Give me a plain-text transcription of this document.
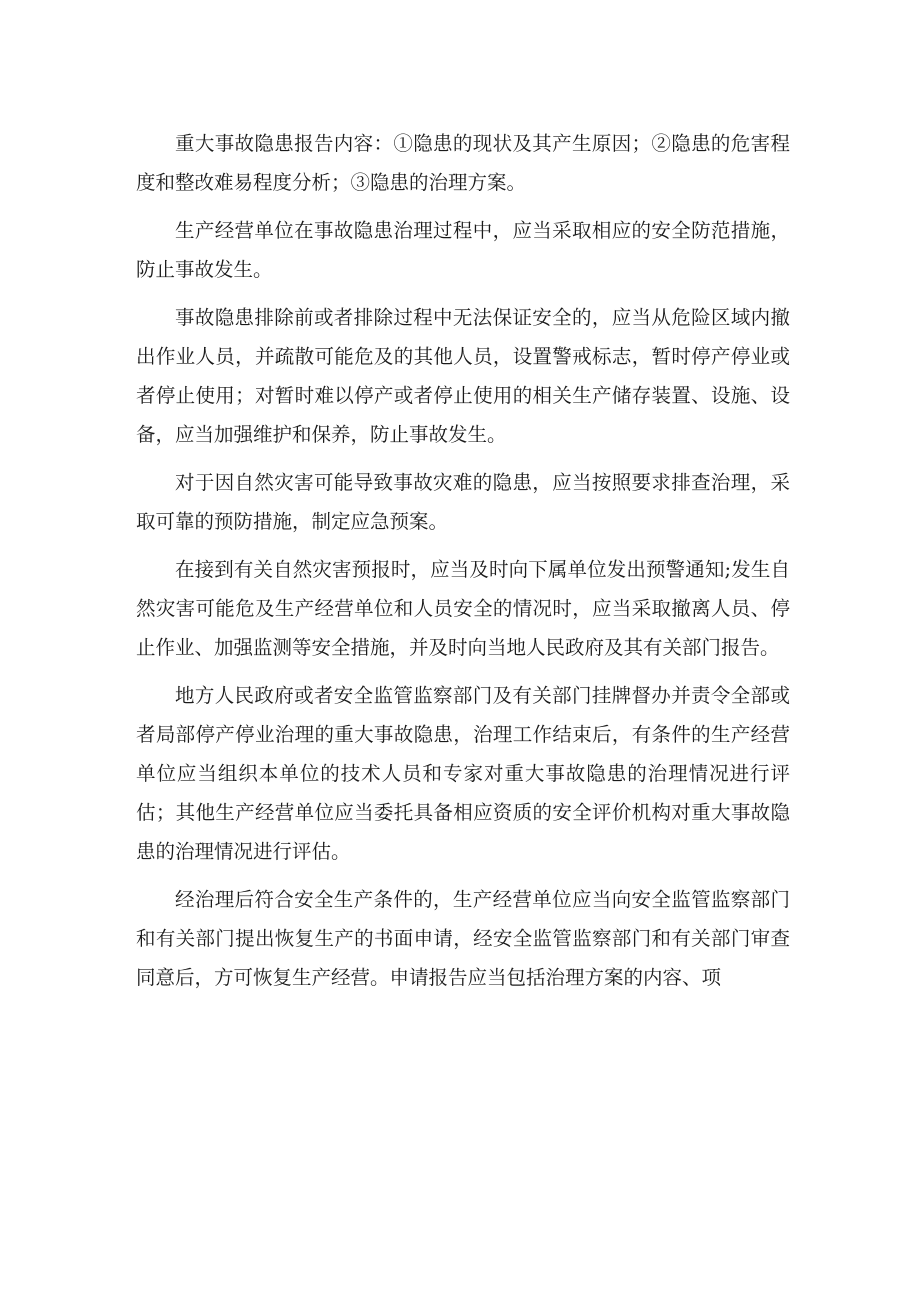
重大事故隐患报告内容：①隐患的现状及其产生原因；②隐患的危害程度和整改难易程度分析；③隐患的治理方案。

生产经营单位在事故隐患治理过程中，应当采取相应的安全防范措施，防止事故发生。

事故隐患排除前或者排除过程中无法保证安全的，应当从危险区域内撤出作业人员，并疏散可能危及的其他人员，设置警戒标志，暂时停产停业或者停止使用；对暂时难以停产或者停止使用的相关生产储存装置、设施、设备，应当加强维护和保养，防止事故发生。

对于因自然灾害可能导致事故灾难的隐患，应当按照要求排查治理，采取可靠的预防措施，制定应急预案。

在接到有关自然灾害预报时，应当及时向下属单位发出预警通知;发生自然灾害可能危及生产经营单位和人员安全的情况时，应当采取撤离人员、停止作业、加强监测等安全措施，并及时向当地人民政府及其有关部门报告。

地方人民政府或者安全监管监察部门及有关部门挂牌督办并责令全部或者局部停产停业治理的重大事故隐患，治理工作结束后，有条件的生产经营单位应当组织本单位的技术人员和专家对重大事故隐患的治理情况进行评估；其他生产经营单位应当委托具备相应资质的安全评价机构对重大事故隐患的治理情况进行评估。

经治理后符合安全生产条件的，生产经营单位应当向安全监管监察部门和有关部门提出恢复生产的书面申请，经安全监管监察部门和有关部门审查同意后，方可恢复生产经营。申请报告应当包括治理方案的内容、项
